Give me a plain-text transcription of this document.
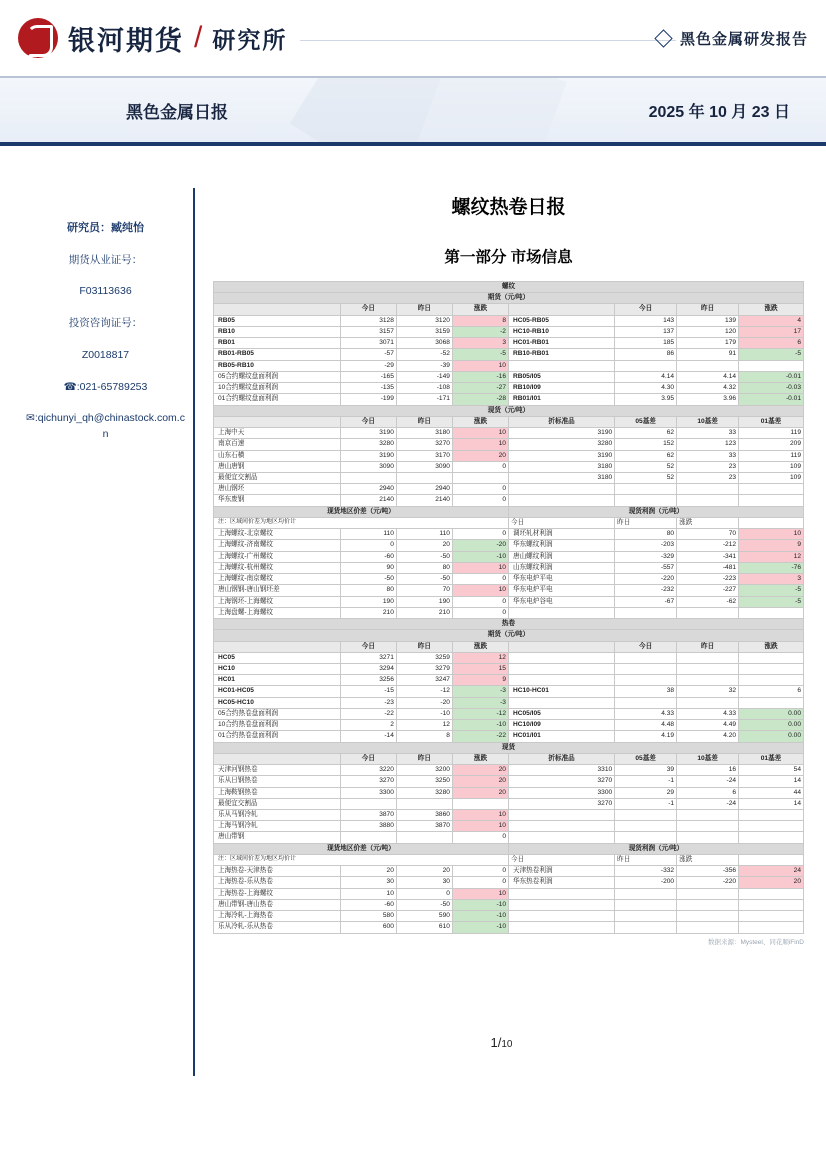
银河期货 / 研究所	黑色金属研发报告
黑色金属日报	2025 年 10 月 23 日
研究员：臧纯怡
期货从业证号：
F03113636
投资咨询证号：
Z0018817
☎:021-65789253
✉:qichunyi_qh@chinastock.com.cn
螺纹热卷日报
第一部分 市场信息
螺纹							
期货（元/吨）							
	今日	昨日	涨跌		今日	昨日	涨跌
RB05	3128	3120	8	HC05-RB05	143	139	4
RB10	3157	3159	-2	HC10-RB10	137	120	17
RB01	3071	3068	3	HC01-RB01	185	179	6
RB01-RB05	-57	-52	-5	RB10-RB01	86	91	-5
RB05-RB10	-29	-39	10				
05合约螺纹盘面利润	-165	-149	-16	RB05/I05	4.14	4.14	-0.01
10合约螺纹盘面利润	-135	-108	-27	RB10/I09	4.30	4.32	-0.03
01合约螺纹盘面利润	-199	-171	-28	RB01/I01	3.95	3.96	-0.01
现货（元/吨）							
	今日	昨日	涨跌	折标准品	05基差	10基差	01基差
上海中天	3190	3180	10	3190	62	33	119
南京百速	3280	3270	10	3280	152	123	209
山东石横	3190	3170	20	3190	62	33	119
唐山唐钢	3090	3090	0	3180	52	23	109
最便宜交割品				3180	52	23	109
唐山钢坯	2940	2940	0				
华东废钢	2140	2140	0				
现货地区价差（元/吨）				现货利润（元/吨）			
注：区域间价差为地区均价计				今日	昨日	涨跌	
上海螺纹-北京螺纹	110	110	0	调坯轧材利润	80	70	10
上海螺纹-济南螺纹	0	20	-20	华东螺纹利润	-203	-212	9
上海螺纹-广州螺纹	-60	-50	-10	唐山螺纹利润	-329	-341	12
上海螺纹-杭州螺纹	90	80	10	山东螺纹利润	-557	-481	-76
上海螺纹-南京螺纹	-50	-50	0	华东电炉平电	-220	-223	3
唐山钢钢-唐山钢坯差	80	70	10	华东电炉平电	-232	-227	-5
上海钢坯-上海螺纹	190	190	0	华东电炉谷电	-67	-62	-5
上海盘螺-上海螺纹	210	210	0				
热卷							
期货（元/吨）							
	今日	昨日	涨跌		今日	昨日	涨跌
HC05	3271	3259	12				
HC10	3294	3279	15				
HC01	3256	3247	9				
HC01-HC05	-15	-12	-3	HC10-HC01	38	32	6
HC05-HC10	-23	-20	-3				
05合约热卷盘面利润	-22	-10	-12	HC05/I05	4.33	4.33	0.00
10合约热卷盘面利润	2	12	-10	HC10/I09	4.48	4.49	0.00
01合约热卷盘面利润	-14	8	-22	HC01/I01	4.19	4.20	0.00
现货							
	今日	昨日	涨跌	折标准品	05基差	10基差	01基差
天津河钢热卷	3220	3200	20	3310	39	16	54
乐从日钢热卷	3270	3250	20	3270	-1	-24	14
上海鞍钢热卷	3300	3280	20	3300	29	6	44
最便宜交割品				3270	-1	-24	14
乐从马钢冷轧	3870	3860	10				
上海马钢冷轧	3880	3870	10				
唐山带钢			0				
现货地区价差（元/吨）				现货利润（元/吨）			
注：区域间价差为地区均价计				今日	昨日	涨跌	
上海热卷-天津热卷	20	20	0	天津热卷利润	-332	-356	24
上海热卷-乐从热卷	30	30	0	华东热卷利润	-200	-220	20
上海热卷-上海螺纹	10	0	10				
唐山带钢-唐山热卷	-60	-50	-10				
上海冷轧-上海热卷	580	590	-10				
乐从冷轧-乐从热卷	600	610	-10				
数据来源：Mysteel、同花顺iFinD
1/10
